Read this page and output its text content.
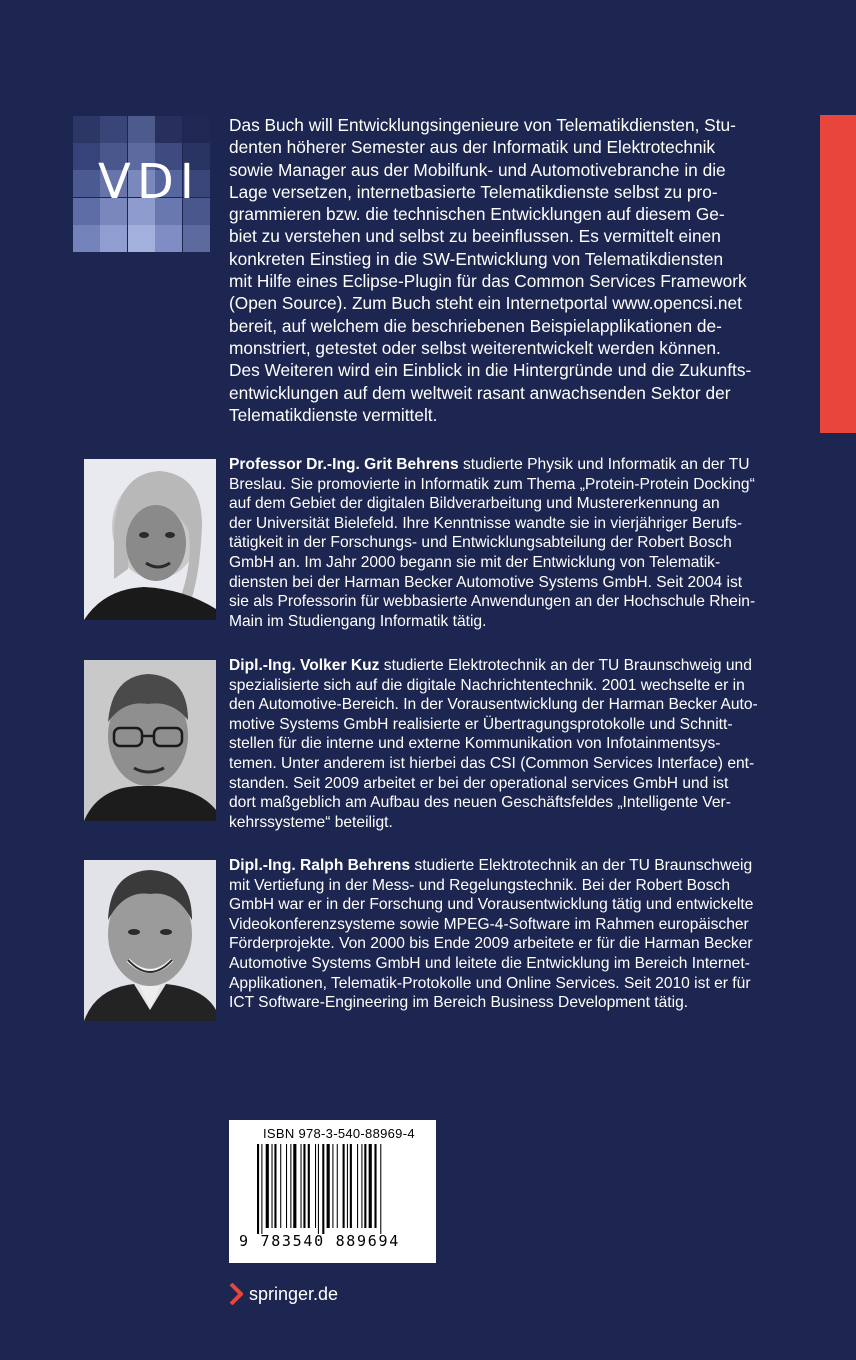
VDI
Das Buch will Entwicklungsingenieure von Telematikdiensten, Stu-
denten höherer Semester aus der Informatik und Elektrotechnik
sowie Manager aus der Mobilfunk- und Automotivebranche in die
Lage versetzen, internetbasierte Telematikdienste selbst zu pro-
grammieren bzw. die technischen Entwicklungen auf diesem Ge-
biet zu verstehen und selbst zu beeinflussen. Es vermittelt einen
konkreten Einstieg in die SW-Entwicklung von Telematikdiensten
mit Hilfe eines Eclipse-Plugin für das Common Services Framework
(Open Source). Zum Buch steht ein Internetportal www.opencsi.net
bereit, auf welchem die beschriebenen Beispielapplikationen de-
monstriert, getestet oder selbst weiterentwickelt werden können.
Des Weiteren wird ein Einblick in die Hintergründe und die Zukunfts-
entwicklungen auf dem weltweit rasant anwachsenden Sektor der
Telematikdienste vermittelt.
Professor Dr.-Ing. Grit Behrens studierte Physik und Informatik an der TU
Breslau. Sie promovierte in Informatik zum Thema „Protein-Protein Docking“
auf dem Gebiet der digitalen Bildverarbeitung und Mustererkennung an
der Universität Bielefeld. Ihre Kenntnisse wandte sie in vierjähriger Berufs-
tätigkeit in der Forschungs- und Entwicklungsabteilung der Robert Bosch
GmbH an. Im Jahr 2000 begann sie mit der Entwicklung von Telematik-
diensten bei der Harman Becker Automotive Systems GmbH. Seit 2004 ist
sie als Professorin für webbasierte Anwendungen an der Hochschule Rhein-
Main im Studiengang Informatik tätig.
Dipl.-Ing. Volker Kuz studierte Elektrotechnik an der TU Braunschweig und
spezialisierte sich auf die digitale Nachrichtentechnik. 2001 wechselte er in
den Automotive-Bereich. In der Vorausentwicklung der Harman Becker Auto-
motive Systems GmbH realisierte er Übertragungsprotokolle und Schnitt-
stellen für die interne und externe Kommunikation von Infotainmentsys-
temen. Unter anderem ist hierbei das CSI (Common Services Interface) ent-
standen. Seit 2009 arbeitet er bei der operational services GmbH und ist
dort maßgeblich am Aufbau des neuen Geschäftsfeldes „Intelligente Ver-
kehrssysteme“ beteiligt.
Dipl.-Ing. Ralph Behrens studierte Elektrotechnik an der TU Braunschweig
mit Vertiefung in der Mess- und Regelungstechnik. Bei der Robert Bosch
GmbH war er in der Forschung und Vorausentwicklung tätig und entwickelte
Videokonferenzsysteme sowie MPEG-4-Software im Rahmen europäischer
Förderprojekte. Von 2000 bis Ende 2009 arbeitete er für die Harman Becker
Automotive Systems GmbH und leitete die Entwicklung im Bereich Internet-
Applikationen, Telematik-Protokolle und Online Services. Seit 2010 ist er für
ICT Software-Engineering im Bereich Business Development tätig.
ISBN 978-3-540-88969-4
9 783540 889694
springer.de
